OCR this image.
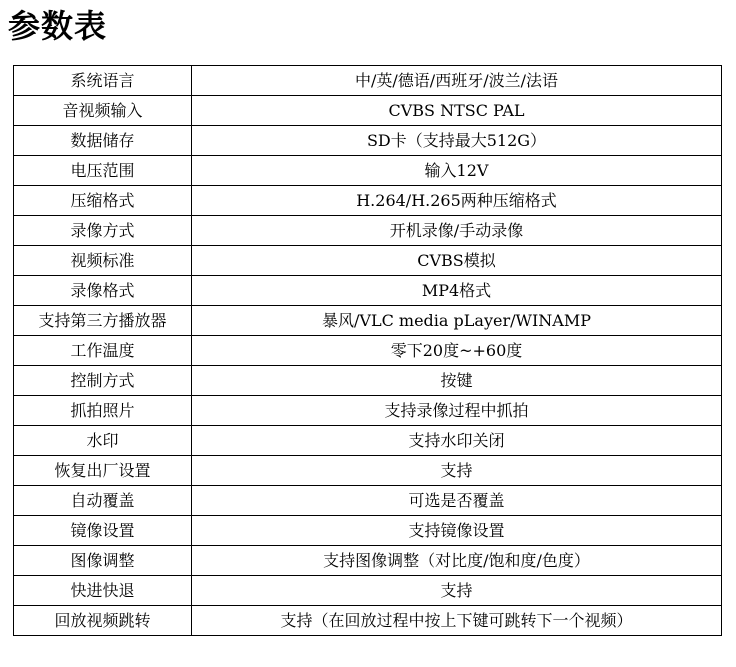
参数表
系统语言	中/英/德语/西班牙/波兰/法语
音视频输入	CVBS NTSC PAL
数据储存	SD卡（支持最大512G）
电压范围	输入12V
压缩格式	H.264/H.265两种压缩格式
录像方式	开机录像/手动录像
视频标准	CVBS模拟
录像格式	MP4格式
支持第三方播放器	暴风/VLC media pLayer/WINAMP
工作温度	零下20度~+60度
控制方式	按键
抓拍照片	支持录像过程中抓拍
水印	支持水印关闭
恢复出厂设置	支持
自动覆盖	可选是否覆盖
镜像设置	支持镜像设置
图像调整	支持图像调整（对比度/饱和度/色度）
快进快退	支持
回放视频跳转	支持（在回放过程中按上下键可跳转下一个视频）
